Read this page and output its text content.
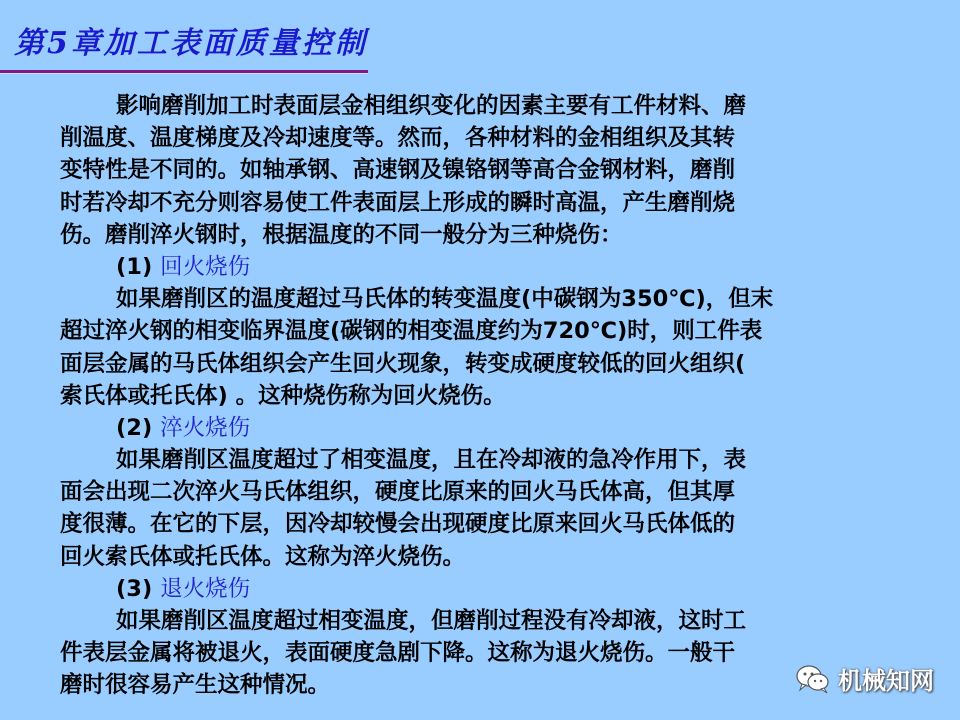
第5章加工表面质量控制
影响磨削加工时表面层金相组织变化的因素主要有工件材料、磨
削温度、温度梯度及冷却速度等。然而，各种材料的金相组织及其转
变特性是不同的。如轴承钢、高速钢及镍铬钢等高合金钢材料，磨削
时若冷却不充分则容易使工件表面层上形成的瞬时高温，产生磨削烧
伤。磨削淬火钢时，根据温度的不同一般分为三种烧伤：
(1) 回火烧伤
如果磨削区的温度超过马氏体的转变温度(中碳钢为350℃)，但末
超过淬火钢的相变临界温度(碳钢的相变温度约为720℃)时，则工件表
面层金属的马氏体组织会产生回火现象，转变成硬度较低的回火组织(
索氏体或托氏体) 。这种烧伤称为回火烧伤。
(2) 淬火烧伤
如果磨削区温度超过了相变温度，且在冷却液的急冷作用下，表
面会出现二次淬火马氏体组织，硬度比原来的回火马氏体高，但其厚
度很薄。在它的下层，因冷却较慢会出现硬度比原来回火马氏体低的
回火索氏体或托氏体。这称为淬火烧伤。
(3) 退火烧伤
如果磨削区温度超过相变温度，但磨削过程没有冷却液，这时工
件表层金属将被退火，表面硬度急剧下降。这称为退火烧伤。一般干
磨时很容易产生这种情况。	机械知网
